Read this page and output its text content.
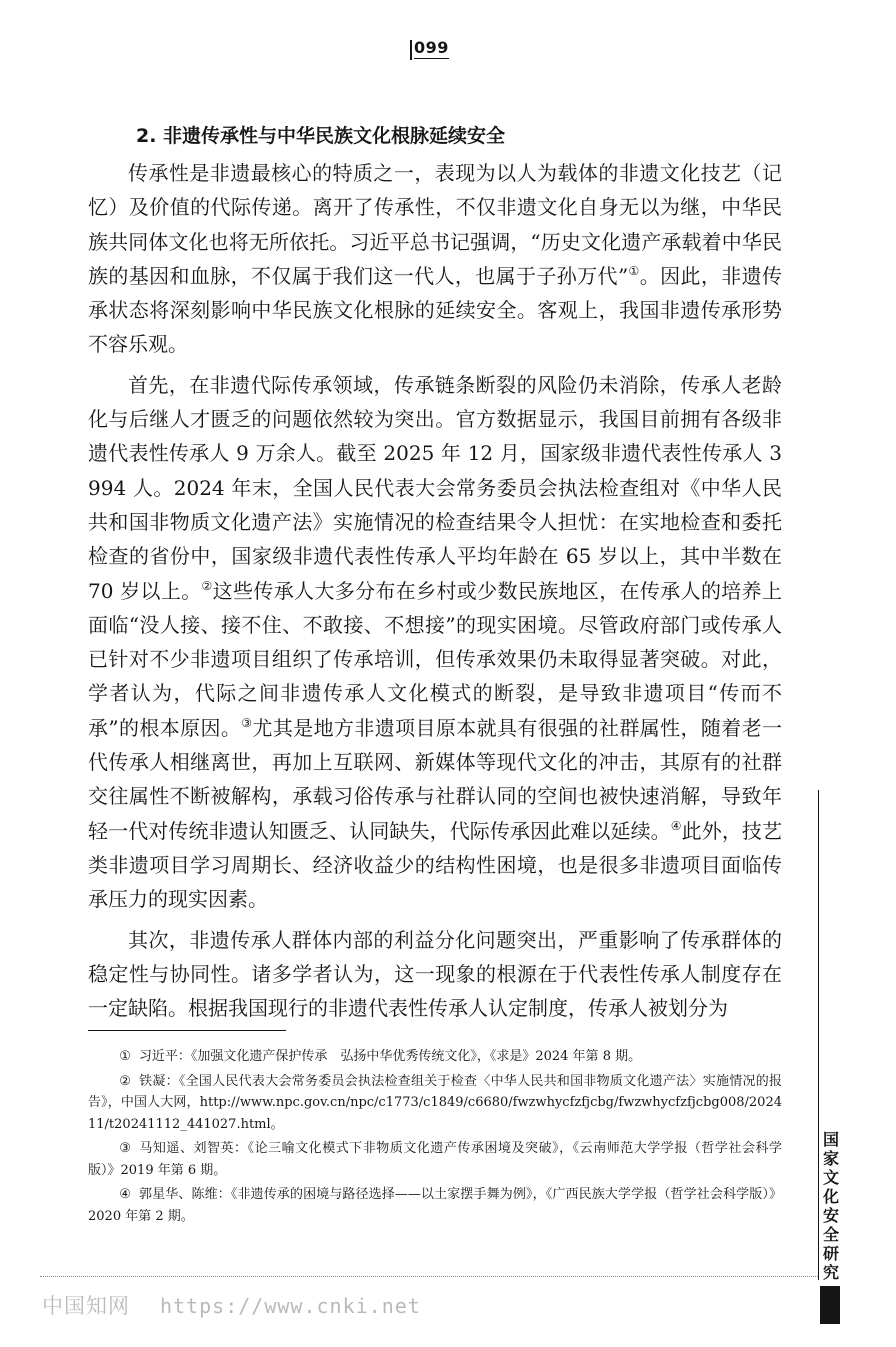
099
2. 非遗传承性与中华民族文化根脉延续安全

传承性是非遗最核心的特质之一，表现为以人为载体的非遗文化技艺（记忆）及价值的代际传递。离开了传承性，不仅非遗文化自身无以为继，中华民族共同体文化也将无所依托。习近平总书记强调，“历史文化遗产承载着中华民族的基因和血脉，不仅属于我们这一代人，也属于子孙万代”①。因此，非遗传承状态将深刻影响中华民族文化根脉的延续安全。客观上，我国非遗传承形势不容乐观。

首先，在非遗代际传承领域，传承链条断裂的风险仍未消除，传承人老龄化与后继人才匮乏的问题依然较为突出。官方数据显示，我国目前拥有各级非遗代表性传承人 9 万余人。截至 2025 年 12 月，国家级非遗代表性传承人 3 994 人。2024 年末，全国人民代表大会常务委员会执法检查组对《中华人民共和国非物质文化遗产法》实施情况的检查结果令人担忧：在实地检查和委托检查的省份中，国家级非遗代表性传承人平均年龄在 65 岁以上，其中半数在 70 岁以上。②这些传承人大多分布在乡村或少数民族地区，在传承人的培养上面临“没人接、接不住、不敢接、不想接”的现实困境。尽管政府部门或传承人已针对不少非遗项目组织了传承培训，但传承效果仍未取得显著突破。对此，学者认为，代际之间非遗传承人文化模式的断裂，是导致非遗项目“传而不承”的根本原因。③尤其是地方非遗项目原本就具有很强的社群属性，随着老一代传承人相继离世，再加上互联网、新媒体等现代文化的冲击，其原有的社群交往属性不断被解构，承载习俗传承与社群认同的空间也被快速消解，导致年轻一代对传统非遗认知匮乏、认同缺失，代际传承因此难以延续。④此外，技艺类非遗项目学习周期长、经济收益少的结构性困境，也是很多非遗项目面临传承压力的现实因素。

其次，非遗传承人群体内部的利益分化问题突出，严重影响了传承群体的稳定性与协同性。诸多学者认为，这一现象的根源在于代表性传承人制度存在一定缺陷。根据我国现行的非遗代表性传承人认定制度，传承人被划分为

① 习近平：《加强文化遗产保护传承　弘扬中华优秀传统文化》，《求是》2024 年第 8 期。

② 铁凝：《全国人民代表大会常务委员会执法检查组关于检查〈中华人民共和国非物质文化遗产法〉实施情况的报告》，中国人大网，http://www.npc.gov.cn/npc/c1773/c1849/c6680/fwzwhycfzfjcbg/fwzwhycfzfjcbg008/202411/t20241112_441027.html。

③ 马知遥、刘智英：《论三喻文化模式下非物质文化遗产传承困境及突破》，《云南师范大学学报（哲学社会科学版）》2019 年第 6 期。

④ 郭星华、陈维：《非遗传承的困境与路径选择——以土家摆手舞为例》，《广西民族大学学报（哲学社会科学版）》2020 年第 2 期。

国
家
文
化
安
全
研
究
中国知网 https://www.cnki.net
